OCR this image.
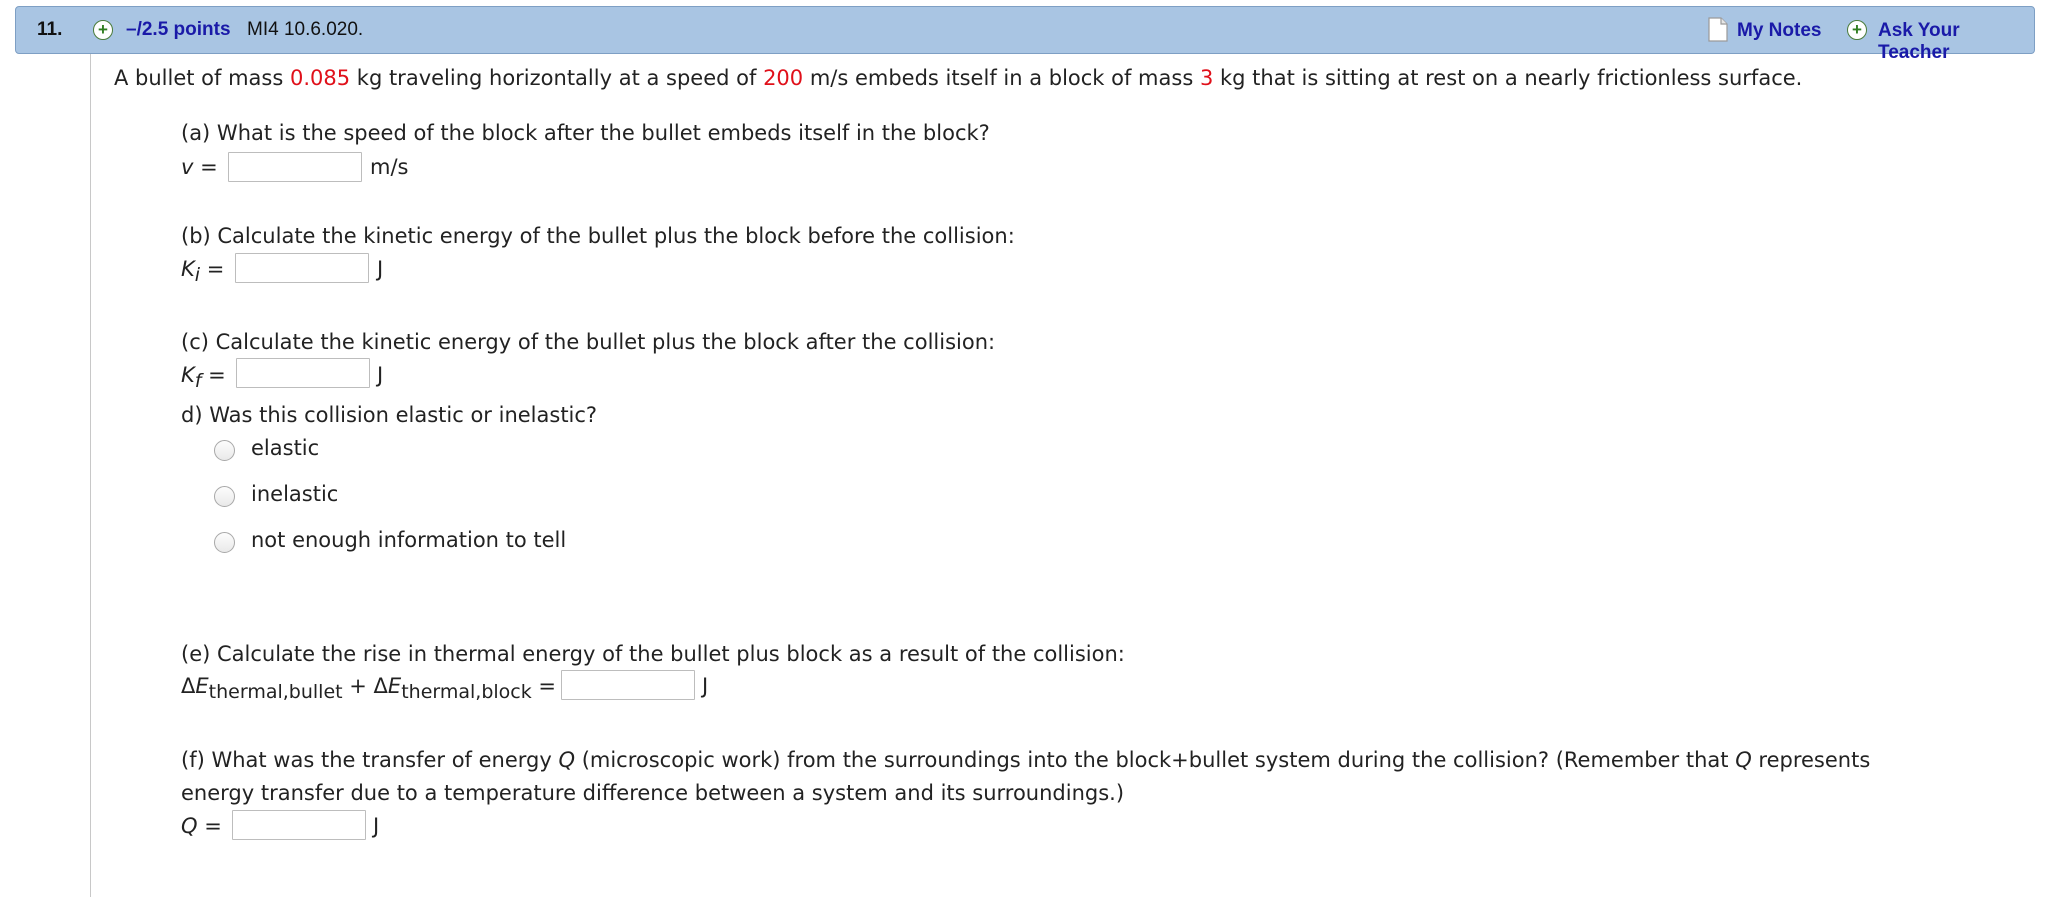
11. + –/2.5 points MI4 10.6.020.	My Notes + Ask Your Teacher
A bullet of mass 0.085 kg traveling horizontally at a speed of 200 m/s embeds itself in a block of mass 3 kg that is sitting at rest on a nearly frictionless surface.
(a) What is the speed of the block after the bullet embeds itself in the block?
v =	m/s
(b) Calculate the kinetic energy of the bullet plus the block before the collision:
$K_i$ =	J
(c) Calculate the kinetic energy of the bullet plus the block after the collision:
$K_f$ =	J
d) Was this collision elastic or inelastic?
elastic
inelastic
not enough information to tell
(e) Calculate the rise in thermal energy of the bullet plus block as a result of the collision:
$\Delta E_{thermal,bullet} + \Delta E_{thermal,block}$ =	J
(f) What was the transfer of energy Q (microscopic work) from the surroundings into the block+bullet system during the collision? (Remember that Q represents
energy transfer due to a temperature difference between a system and its surroundings.)
Q =	J
